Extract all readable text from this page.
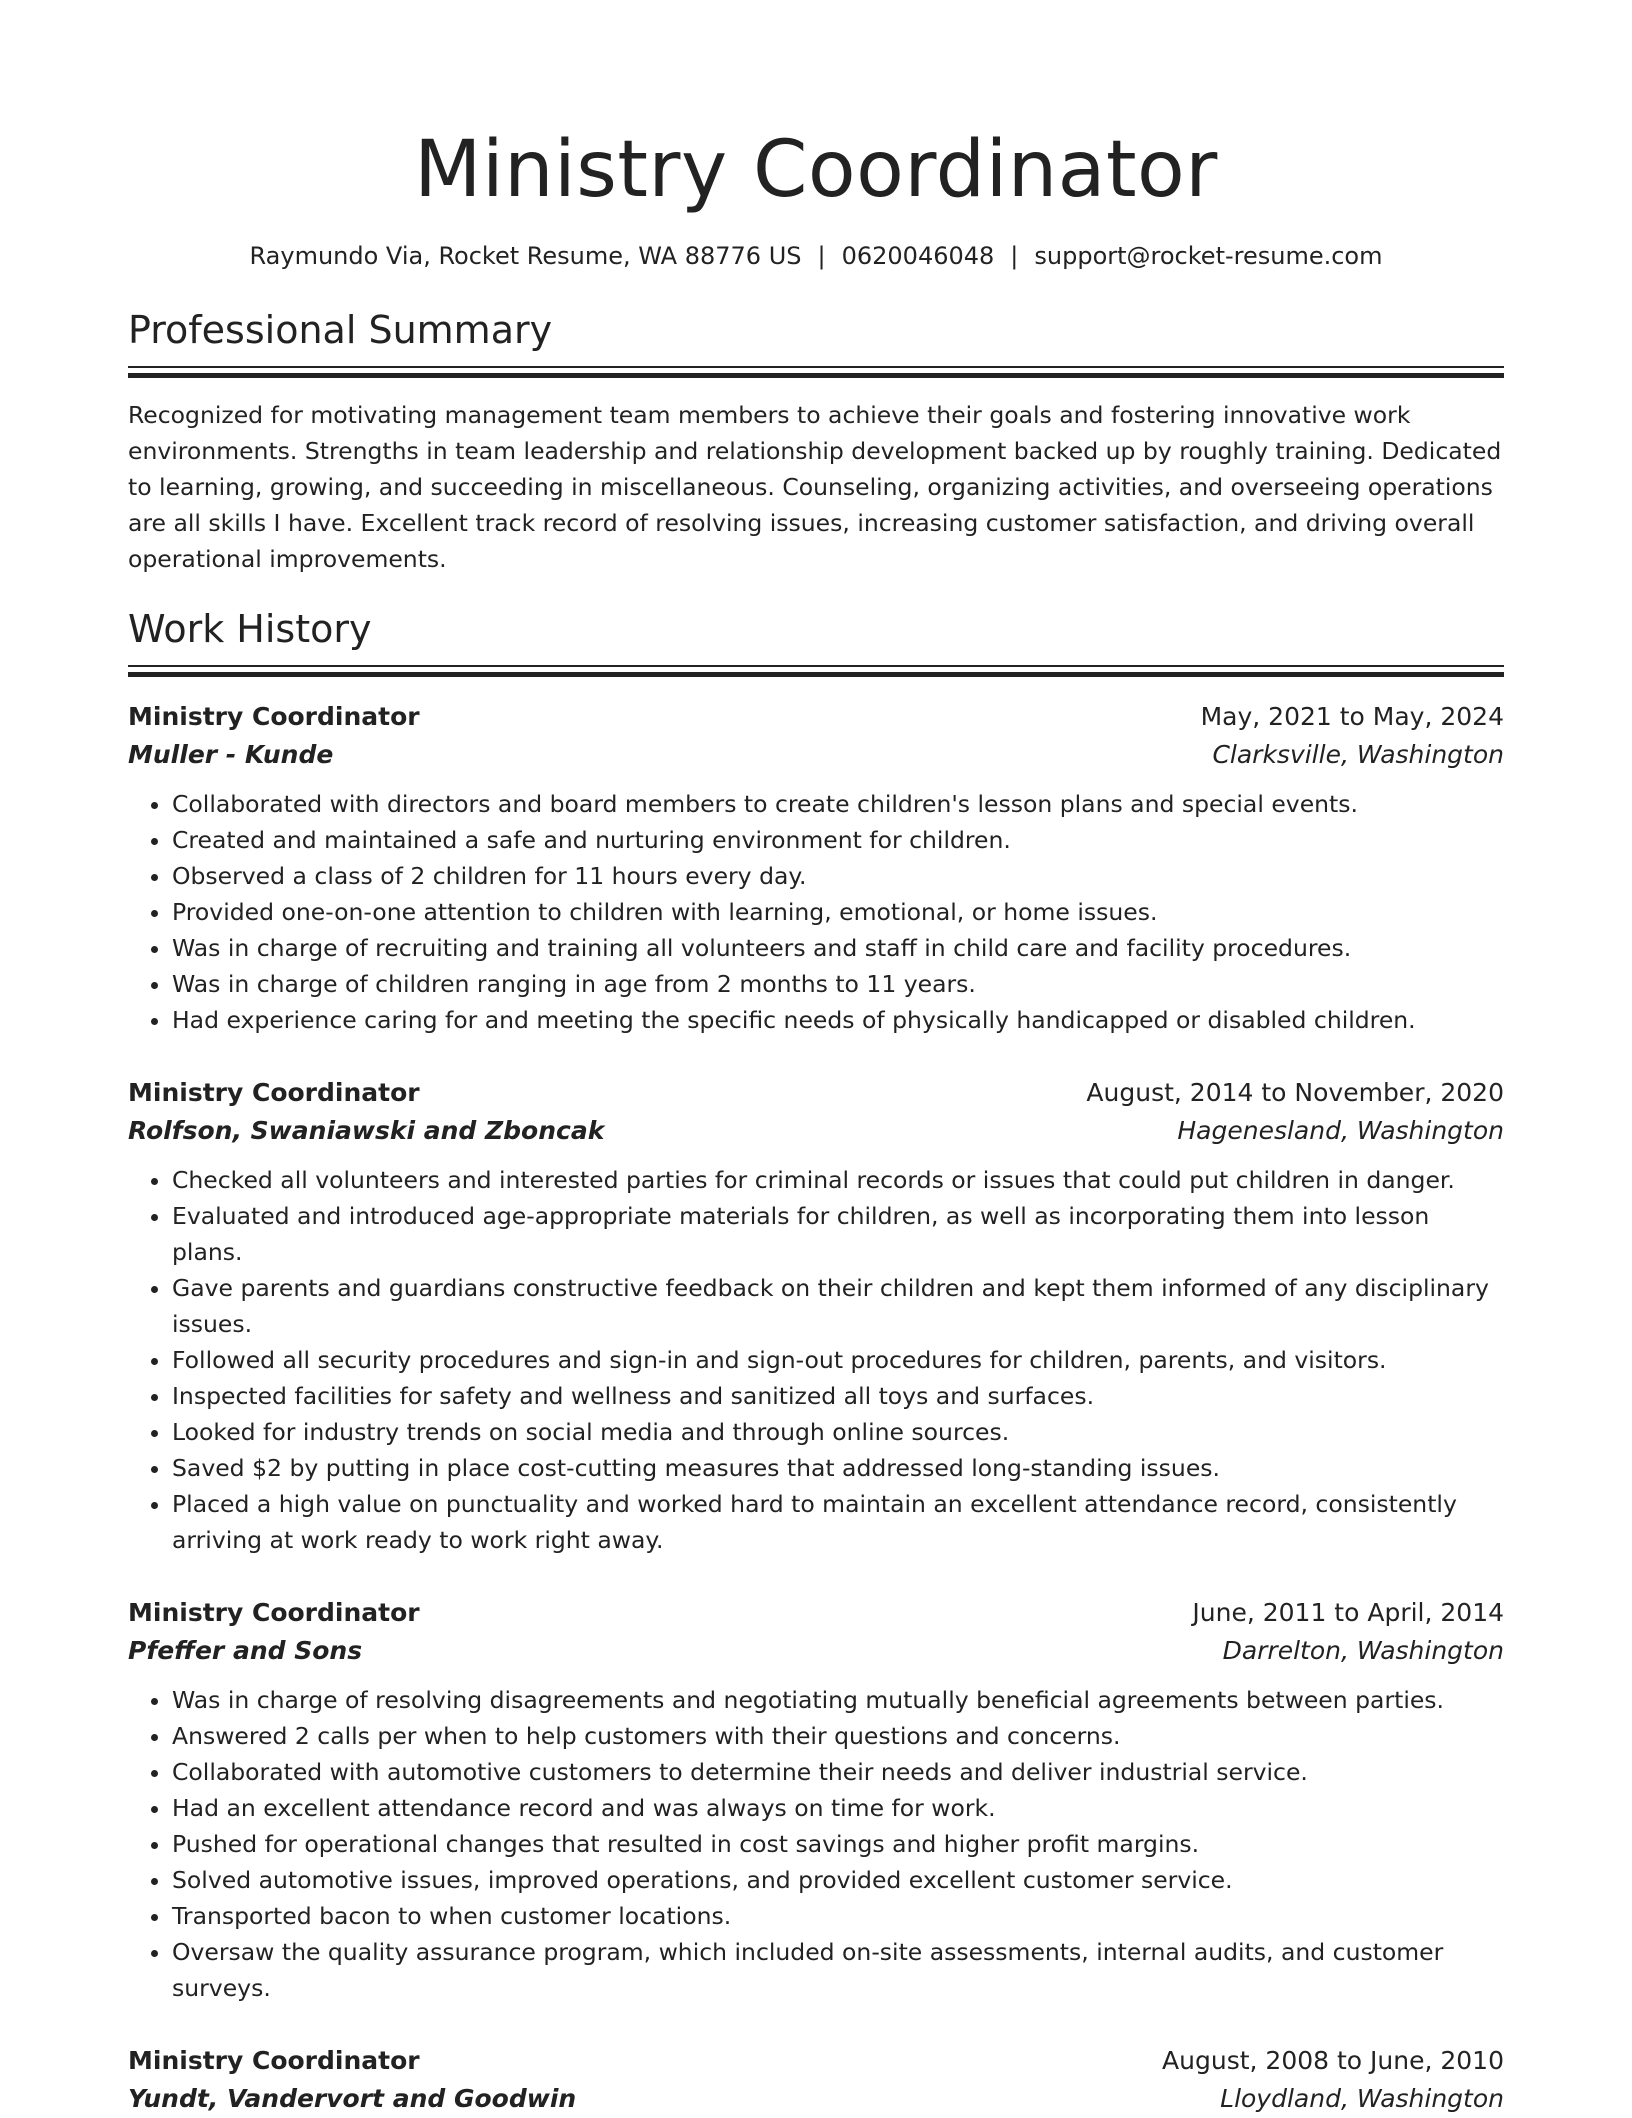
Ministry Coordinator
Raymundo Via, Rocket Resume, WA 88776 US | 0620046048 | support@rocket-resume.com
Professional Summary

Recognized for motivating management team members to achieve their goals and fostering innovative work environments. Strengths in team leadership and relationship development backed up by roughly training. Dedicated to learning, growing, and succeeding in miscellaneous. Counseling, organizing activities, and overseeing operations are all skills I have. Excellent track record of resolving issues, increasing customer satisfaction, and driving overall operational improvements.

Work History
Ministry Coordinator	May, 2021 to May, 2024
Muller - Kunde	Clarksville, Washington
• Collaborated with directors and board members to create children's lesson plans and special events.
• Created and maintained a safe and nurturing environment for children.
• Observed a class of 2 children for 11 hours every day.
• Provided one-on-one attention to children with learning, emotional, or home issues.
• Was in charge of recruiting and training all volunteers and staff in child care and facility procedures.
• Was in charge of children ranging in age from 2 months to 11 years.
• Had experience caring for and meeting the specific needs of physically handicapped or disabled children.
Ministry Coordinator	August, 2014 to November, 2020
Rolfson, Swaniawski and Zboncak	Hagenesland, Washington
• Checked all volunteers and interested parties for criminal records or issues that could put children in danger.
• Evaluated and introduced age-appropriate materials for children, as well as incorporating them into lesson plans.
• Gave parents and guardians constructive feedback on their children and kept them informed of any disciplinary issues.
• Followed all security procedures and sign-in and sign-out procedures for children, parents, and visitors.
• Inspected facilities for safety and wellness and sanitized all toys and surfaces.
• Looked for industry trends on social media and through online sources.
• Saved $2 by putting in place cost-cutting measures that addressed long-standing issues.
• Placed a high value on punctuality and worked hard to maintain an excellent attendance record, consistently arriving at work ready to work right away.
Ministry Coordinator	June, 2011 to April, 2014
Pfeffer and Sons	Darrelton, Washington
• Was in charge of resolving disagreements and negotiating mutually beneficial agreements between parties.
• Answered 2 calls per when to help customers with their questions and concerns.
• Collaborated with automotive customers to determine their needs and deliver industrial service.
• Had an excellent attendance record and was always on time for work.
• Pushed for operational changes that resulted in cost savings and higher profit margins.
• Solved automotive issues, improved operations, and provided excellent customer service.
• Transported bacon to when customer locations.
• Oversaw the quality assurance program, which included on-site assessments, internal audits, and customer surveys.
Ministry Coordinator	August, 2008 to June, 2010
Yundt, Vandervort and Goodwin	Lloydland, Washington
